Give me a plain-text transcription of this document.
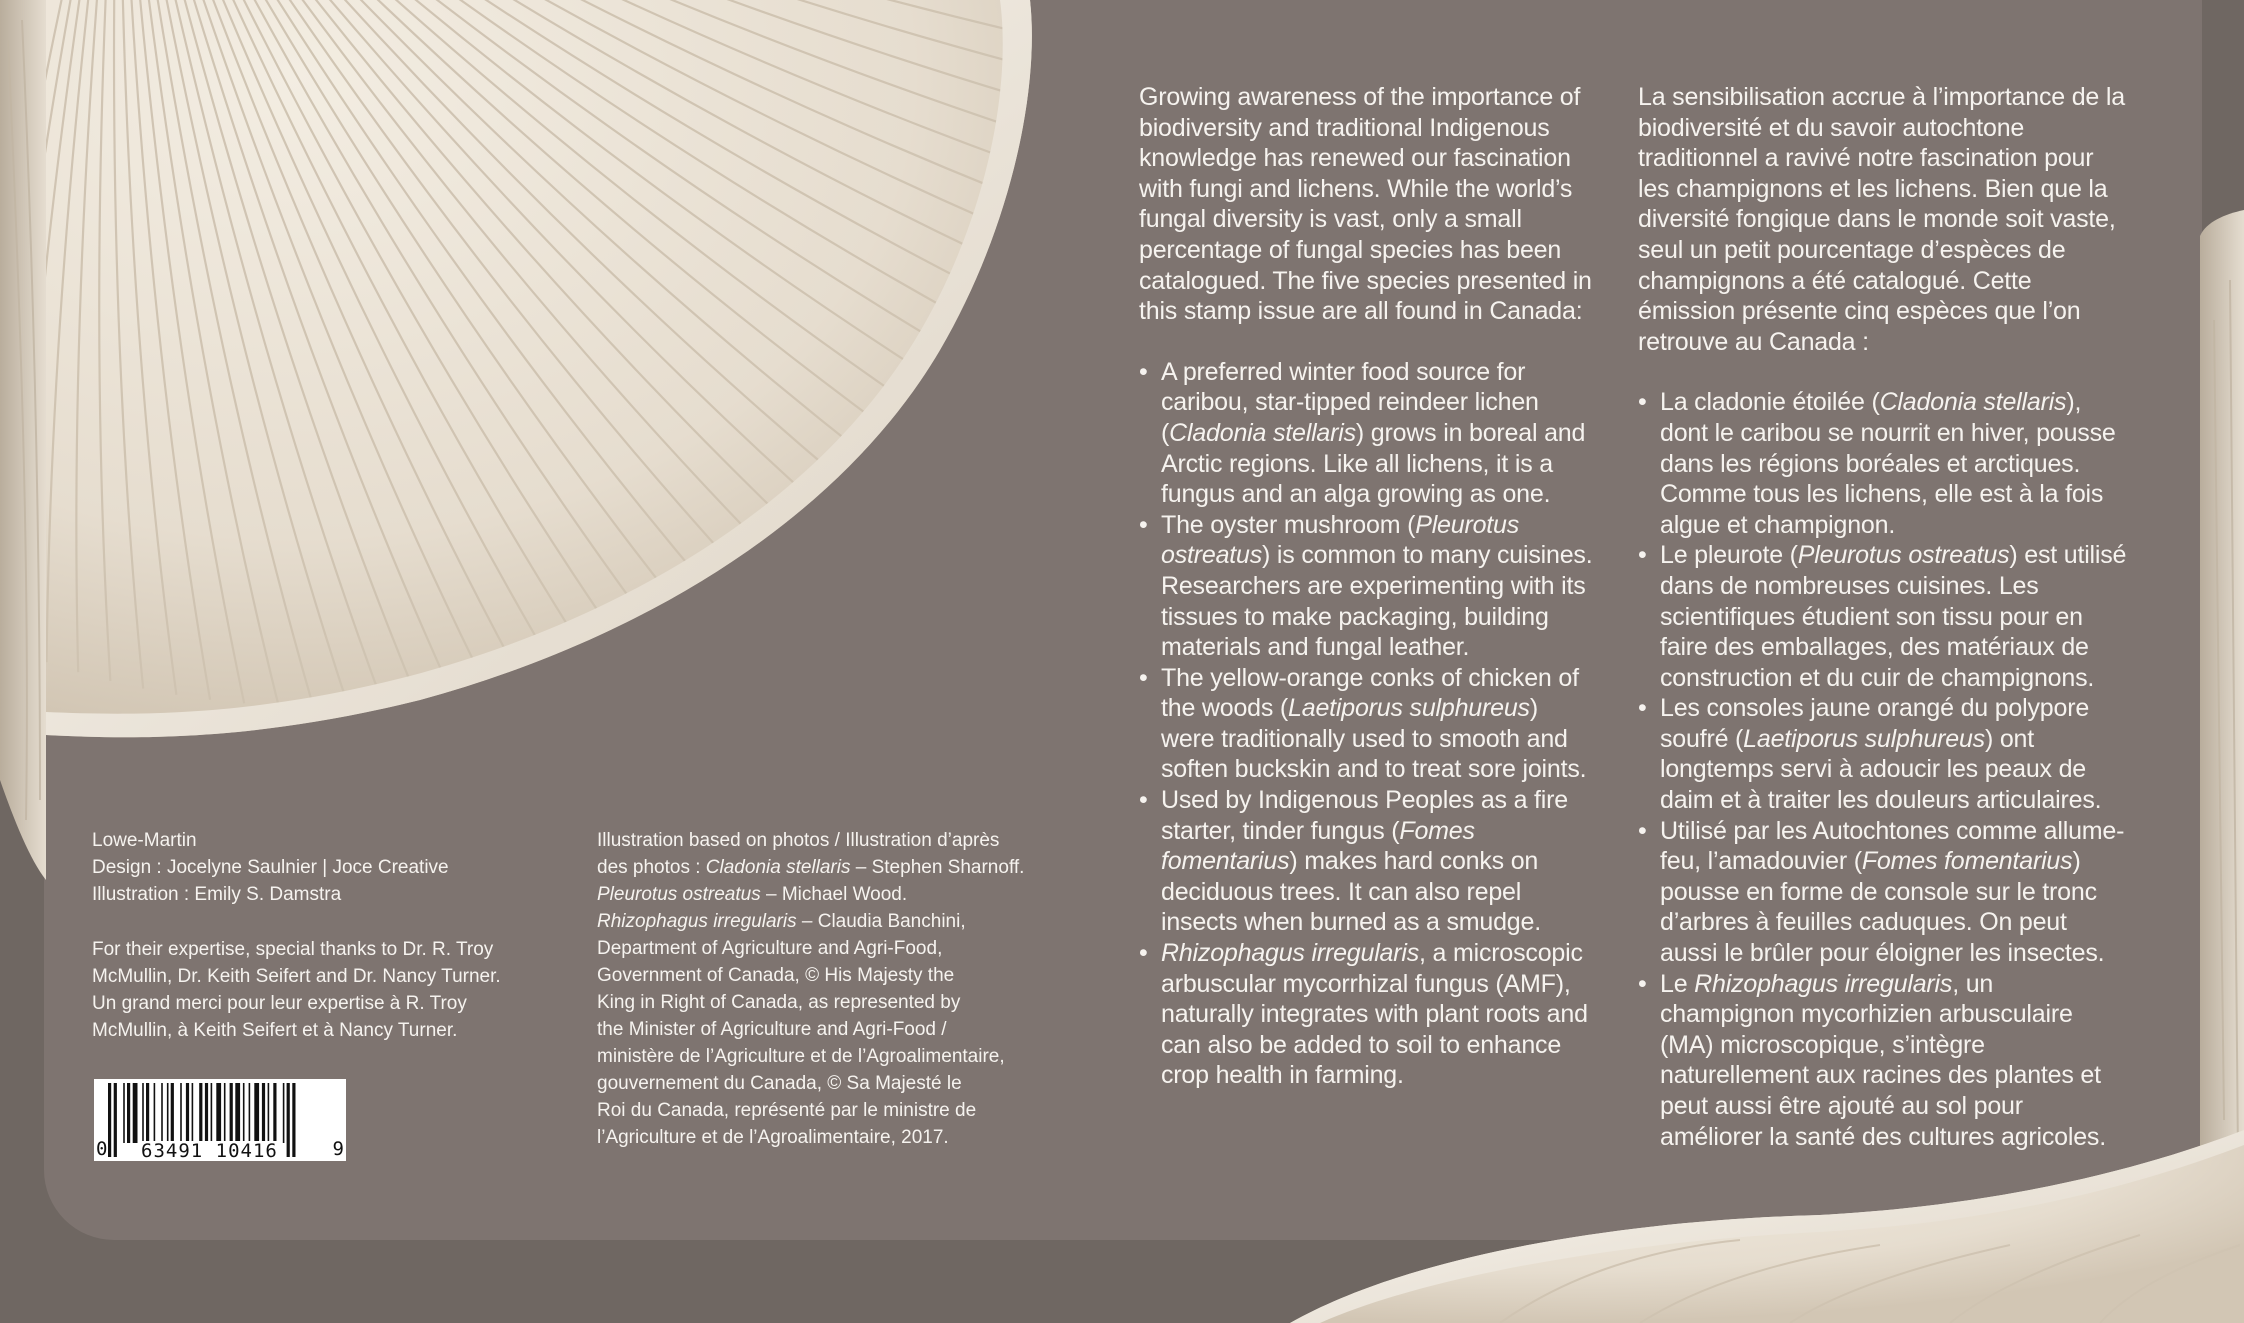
Growing awareness of the importance of biodiversity and traditional Indigenous knowledge has renewed our fascination with fungi and lichens. While the world’s fungal diversity is vast, only a small percentage of fungal species has been catalogued. The five species presented in this stamp issue are all found in Canada:

• A preferred winter food source for caribou, star-tipped reindeer lichen (Cladonia stellaris) grows in boreal and Arctic regions. Like all lichens, it is a fungus and an alga growing as one.
• The oyster mushroom (Pleurotus ostreatus) is common to many cuisines. Researchers are experimenting with its tissues to make packaging, building materials and fungal leather.
• The yellow-orange conks of chicken of the woods (Laetiporus sulphureus) were traditionally used to smooth and soften buckskin and to treat sore joints.
• Used by Indigenous Peoples as a fire starter, tinder fungus (Fomes fomentarius) makes hard conks on deciduous trees. It can also repel insects when burned as a smudge.
• Rhizophagus irregularis, a microscopic arbuscular mycorrhizal fungus (AMF), naturally integrates with plant roots and can also be added to soil to enhance crop health in farming.

La sensibilisation accrue à l’importance de la biodiversité et du savoir autochtone traditionnel a ravivé notre fascination pour les champignons et les lichens. Bien que la diversité fongique dans le monde soit vaste, seul un petit pourcentage d’espèces de champignons a été catalogué. Cette émission présente cinq espèces que l’on retrouve au Canada :

• La cladonie étoilée (Cladonia stellaris), dont le caribou se nourrit en hiver, pousse dans les régions boréales et arctiques. Comme tous les lichens, elle est à la fois algue et champignon.
• Le pleurote (Pleurotus ostreatus) est utilisé dans de nombreuses cuisines. Les scientifiques étudient son tissu pour en faire des emballages, des matériaux de construction et du cuir de champignons.
• Les consoles jaune orangé du polypore soufré (Laetiporus sulphureus) ont longtemps servi à adoucir les peaux de daim et à traiter les douleurs articulaires.
• Utilisé par les Autochtones comme allume-feu, l’amadouvier (Fomes fomentarius) pousse en forme de console sur le tronc d’arbres à feuilles caduques. On peut aussi le brûler pour éloigner les insectes.
• Le Rhizophagus irregularis, un champignon mycorhizien arbusculaire (MA) microscopique, s’intègre naturellement aux racines des plantes et peut aussi être ajouté au sol pour améliorer la santé des cultures agricoles.
Lowe-Martin
Design : Jocelyne Saulnier | Joce Creative
Illustration : Emily S. Damstra
For their expertise, special thanks to Dr. R. Troy
McMullin, Dr. Keith Seifert and Dr. Nancy Turner.
Un grand merci pour leur expertise à R. Troy
McMullin, à Keith Seifert et à Nancy Turner.
Illustration based on photos / Illustration d’après
des photos : Cladonia stellaris – Stephen Sharnoff.
Pleurotus ostreatus – Michael Wood.
Rhizophagus irregularis – Claudia Banchini,
Department of Agriculture and Agri-Food,
Government of Canada, © His Majesty the
King in Right of Canada, as represented by
the Minister of Agriculture and Agri-Food /
ministère de l’Agriculture et de l’Agroalimentaire,
gouvernement du Canada, © Sa Majesté le
Roi du Canada, représenté par le ministre de
l’Agriculture et de l’Agroalimentaire, 2017.
0 63491 10416	9
